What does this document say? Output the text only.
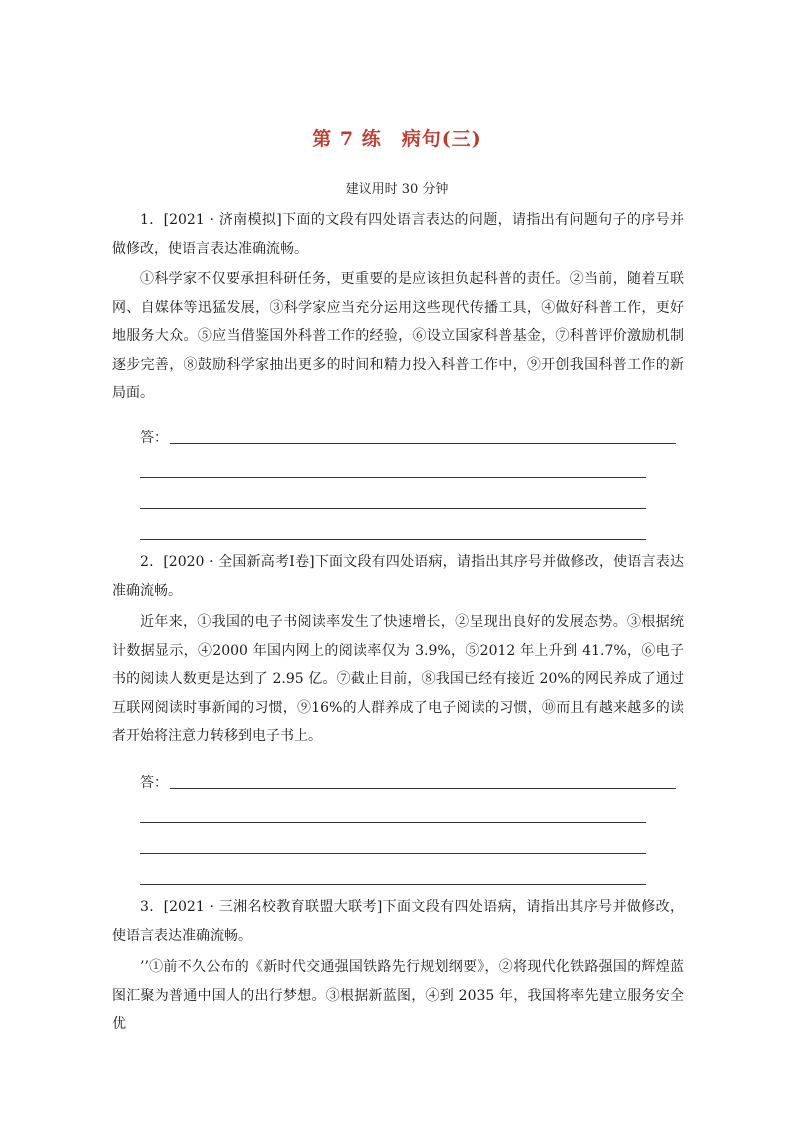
第 7 练　病句(三)
建议用时 30 分钟

1．[2021 · 济南模拟]下面的文段有四处语言表达的问题，请指出有问题句子的序号并做修改，使语言表达准确流畅。

①科学家不仅要承担科研任务，更重要的是应该担负起科普的责任。②当前，随着互联网、自媒体等迅猛发展，③科学家应当充分运用这些现代传播工具，④做好科普工作，更好地服务大众。⑤应当借鉴国外科普工作的经验，⑥设立国家科普基金，⑦科普评价激励机制逐步完善，⑧鼓励科学家抽出更多的时间和精力投入科普工作中，⑨开创我国科普工作的新局面。

答：

2．[2020 · 全国新高考Ⅰ卷]下面文段有四处语病，请指出其序号并做修改，使语言表达准确流畅。

近年来，①我国的电子书阅读率发生了快速增长，②呈现出良好的发展态势。③根据统计数据显示，④2000 年国内网上的阅读率仅为 3.9%，⑤2012 年上升到 41.7%，⑥电子书的阅读人数更是达到了 2.95 亿。⑦截止目前，⑧我国已经有接近 20%的网民养成了通过互联网阅读时事新闻的习惯，⑨16%的人群养成了电子阅读的习惯，⑩而且有越来越多的读者开始将注意力转移到电子书上。

答：

3．[2021 · 三湘名校教育联盟大联考]下面文段有四处语病，请指出其序号并做修改，使语言表达准确流畅。

’’①前不久公布的《新时代交通强国铁路先行规划纲要》，②将现代化铁路强国的辉煌蓝图汇聚为普通中国人的出行梦想。③根据新蓝图，④到 2035 年，我国将率先建立服务安全优
